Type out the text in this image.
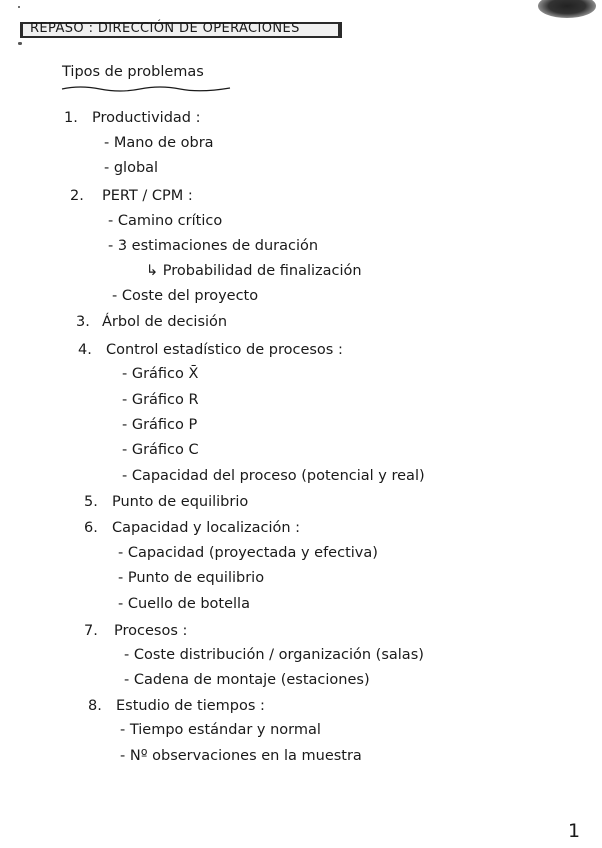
REPASO : DIRECCIÓN DE OPERACIONES
Tipos de problemas
1. Productividad :
- Mano de obra
- global
2. PERT / CPM :
- Camino crítico
- 3 estimaciones de duración
↳ Probabilidad de finalización
- Coste del proyecto
3. Árbol de decisión
4. Control estadístico de procesos :
- Gráfico X̄
- Gráfico R
- Gráfico P
- Gráfico C
- Capacidad del proceso (potencial y real)
5. Punto de equilibrio
6. Capacidad y localización :
- Capacidad (proyectada y efectiva)
- Punto de equilibrio
- Cuello de botella
7. Procesos :
- Coste distribución / organización (salas)
- Cadena de montaje (estaciones)
8. Estudio de tiempos :
- Tiempo estándar y normal
- Nº observaciones en la muestra
1
